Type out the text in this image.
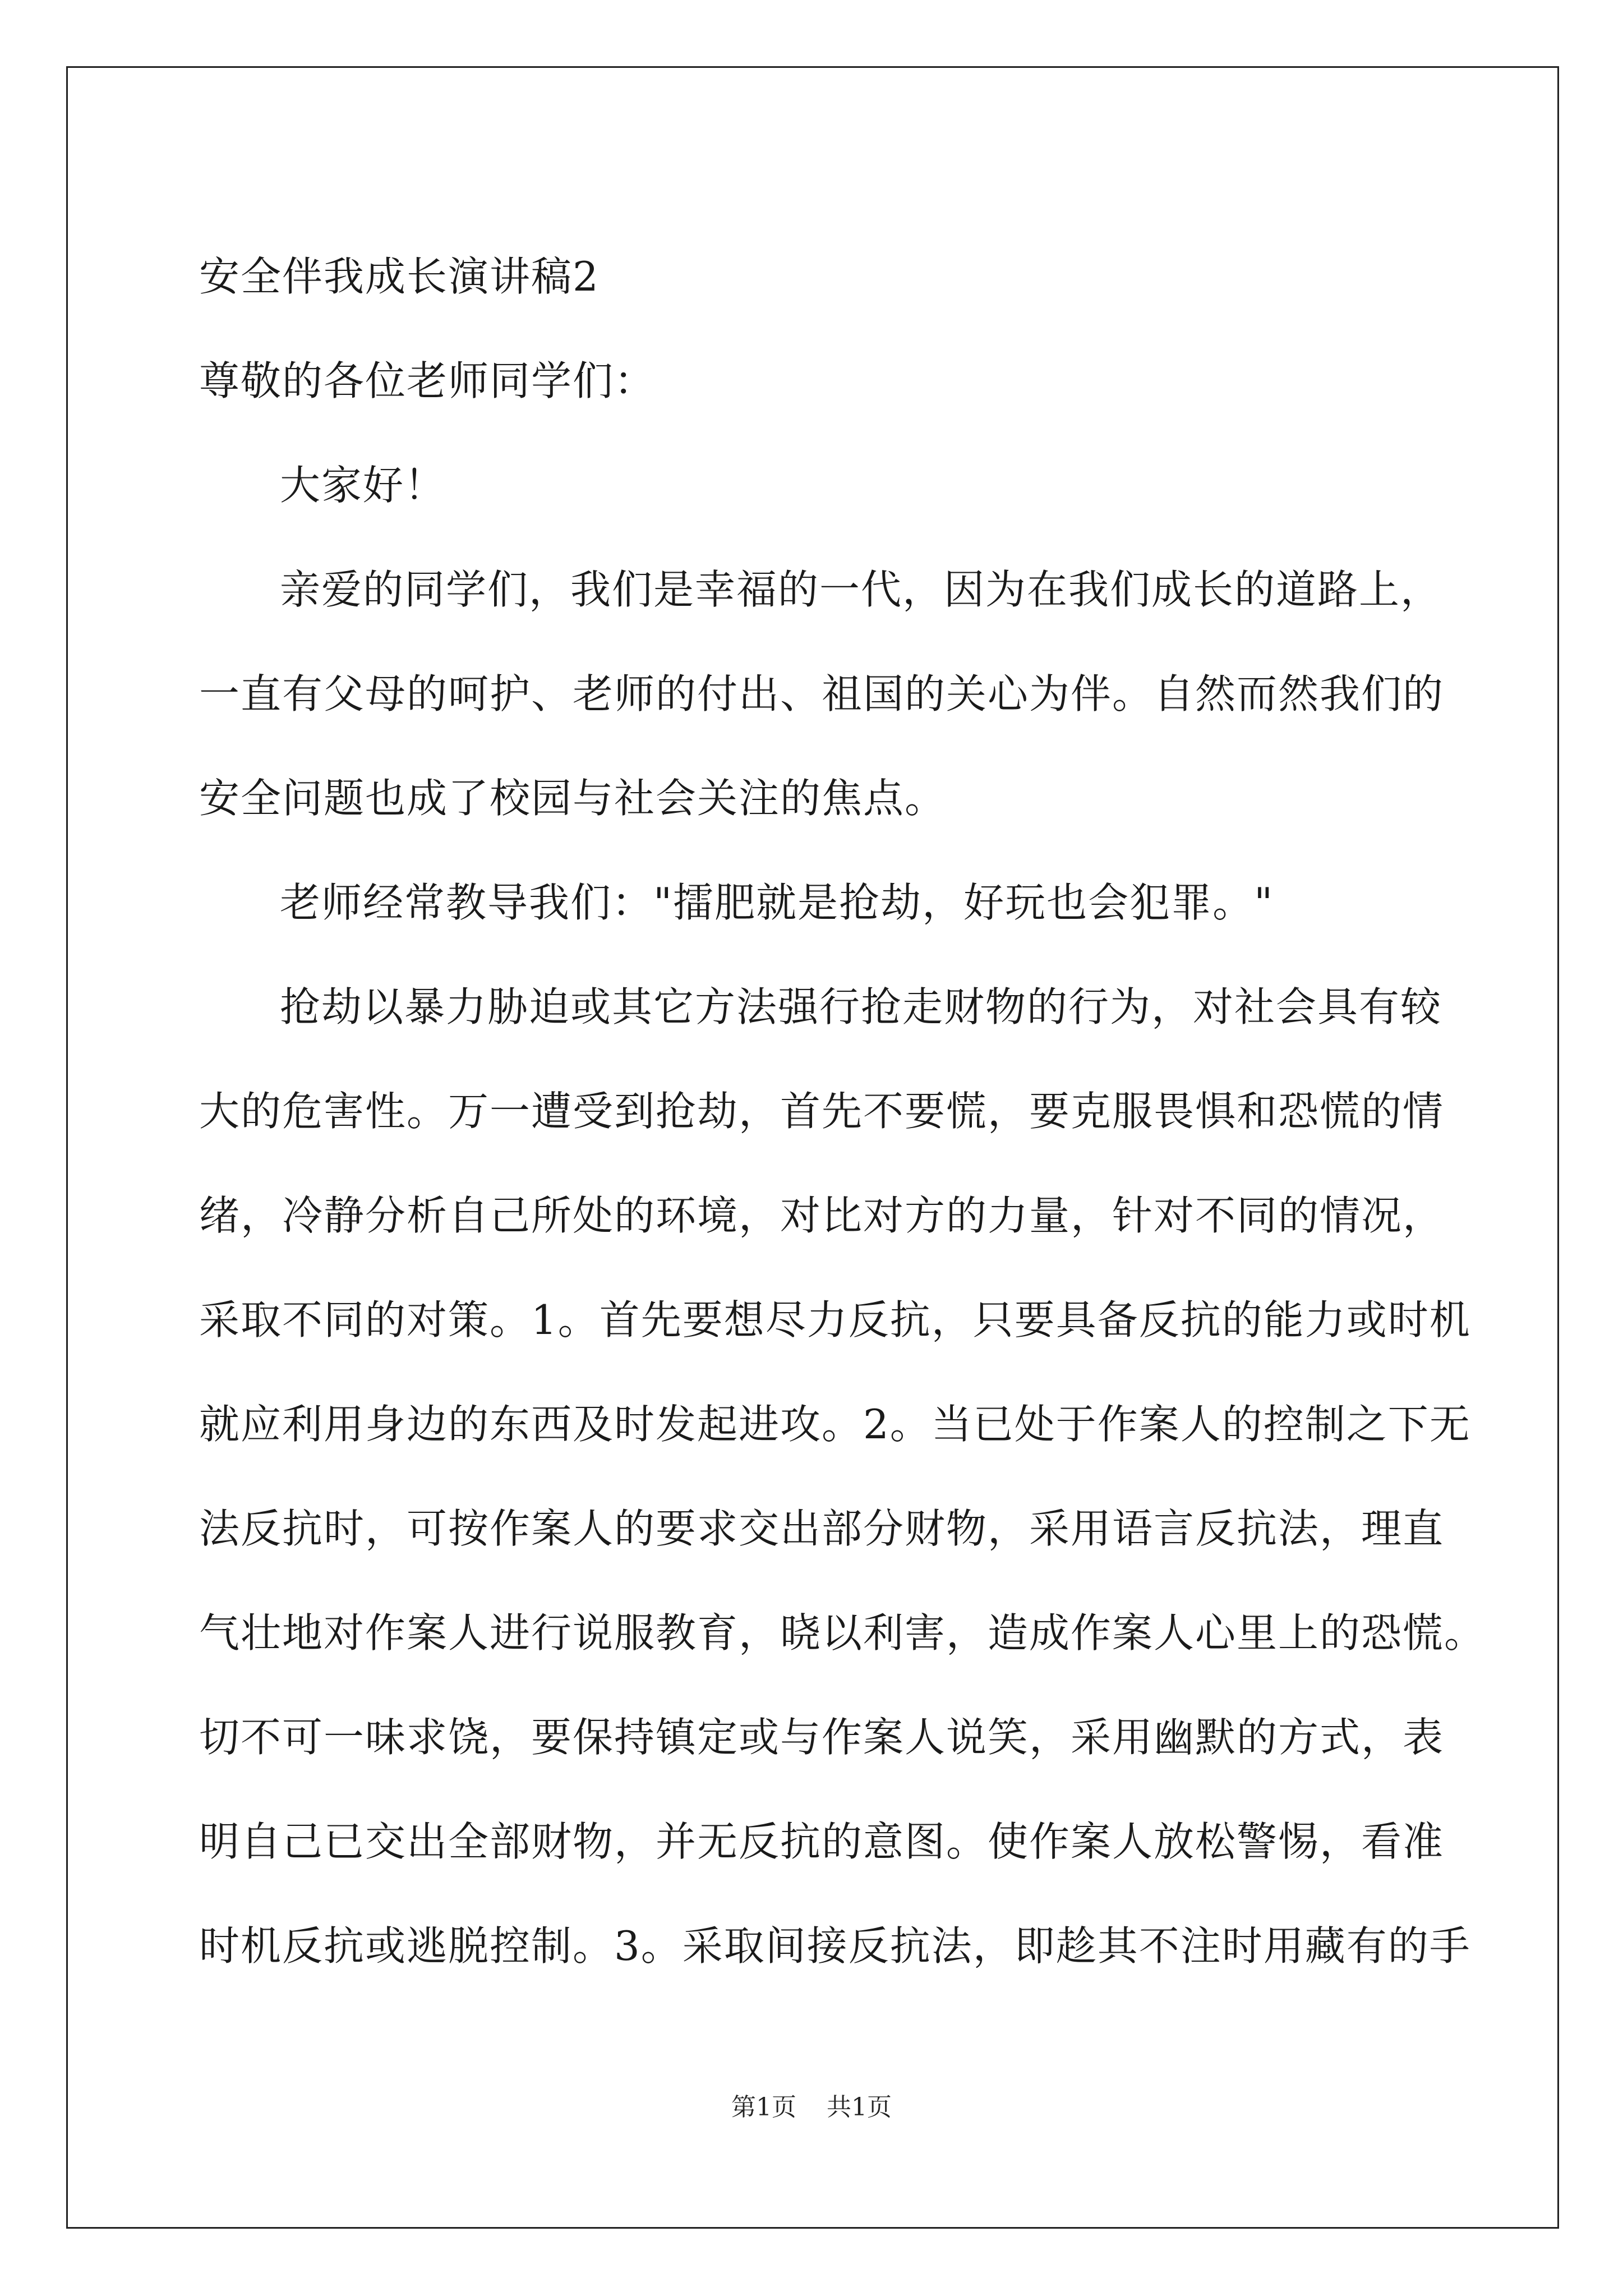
安全伴我成长演讲稿2
尊敬的各位老师同学们：
大家好！
亲爱的同学们，我们是幸福的一代，因为在我们成长的道路上，
一直有父母的呵护、老师的付出、祖国的关心为伴。自然而然我们的
安全问题也成了校园与社会关注的焦点。
老师经常教导我们："擂肥就是抢劫，好玩也会犯罪。"
抢劫以暴力胁迫或其它方法强行抢走财物的行为，对社会具有较
大的危害性。万一遭受到抢劫，首先不要慌，要克服畏惧和恐慌的情
绪，冷静分析自己所处的环境，对比对方的力量，针对不同的情况，
采取不同的对策。1。首先要想尽力反抗，只要具备反抗的能力或时机
就应利用身边的东西及时发起进攻。2。当已处于作案人的控制之下无
法反抗时，可按作案人的要求交出部分财物，采用语言反抗法，理直
气壮地对作案人进行说服教育，晓以利害，造成作案人心里上的恐慌。
切不可一味求饶，要保持镇定或与作案人说笑，采用幽默的方式，表
明自己已交出全部财物，并无反抗的意图。使作案人放松警惕，看准
时机反抗或逃脱控制。3。采取间接反抗法，即趁其不注时用藏有的手
第1页 共1页
